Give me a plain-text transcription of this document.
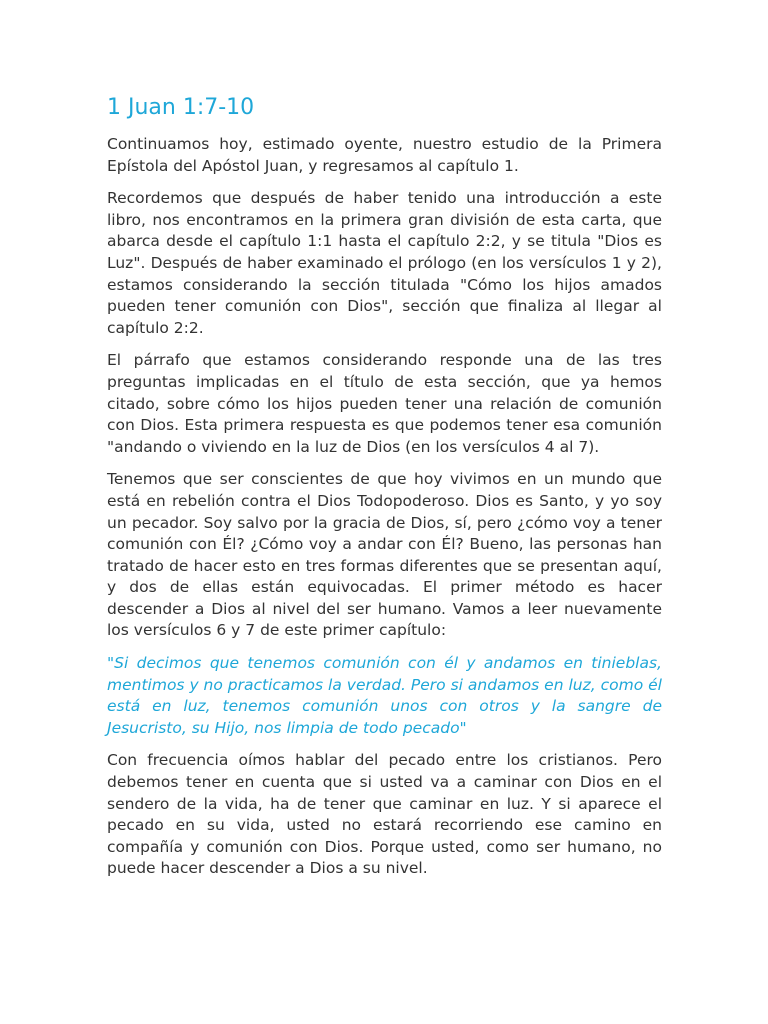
1 Juan 1:7-10

Continuamos hoy, estimado oyente, nuestro estudio de la Primera Epístola del Apóstol Juan, y regresamos al capítulo 1.

Recordemos que después de haber tenido una introducción a este libro, nos encontramos en la primera gran división de esta carta, que abarca desde el capítulo 1:1 hasta el capítulo 2:2, y se titula "Dios es Luz". Después de haber examinado el prólogo (en los versículos 1 y 2), estamos considerando la sección titulada "Cómo los hijos amados pueden tener comunión con Dios", sección que finaliza al llegar al capítulo 2:2.

El párrafo que estamos considerando responde una de las tres preguntas implicadas en el título de esta sección, que ya hemos citado, sobre cómo los hijos pueden tener una relación de comunión con Dios. Esta primera respuesta es que podemos tener esa comunión "andando o viviendo en la luz de Dios (en los versículos 4 al 7).

Tenemos que ser conscientes de que hoy vivimos en un mundo que está en rebelión contra el Dios Todopoderoso. Dios es Santo, y yo soy un pecador. Soy salvo por la gracia de Dios, sí, pero ¿cómo voy a tener comunión con Él? ¿Cómo voy a andar con Él? Bueno, las personas han tratado de hacer esto en tres formas diferentes que se presentan aquí, y dos de ellas están equivocadas. El primer método es hacer descender a Dios al nivel del ser humano. Vamos a leer nuevamente los versículos 6 y 7 de este primer capítulo:

"Si decimos que tenemos comunión con él y andamos en tinieblas, mentimos y no practicamos la verdad. Pero si andamos en luz, como él está en luz, tenemos comunión unos con otros y la sangre de Jesucristo, su Hijo, nos limpia de todo pecado"

Con frecuencia oímos hablar del pecado entre los cristianos. Pero debemos tener en cuenta que si usted va a caminar con Dios en el sendero de la vida, ha de tener que caminar en luz. Y si aparece el pecado en su vida, usted no estará recorriendo ese camino en compañía y comunión con Dios. Porque usted, como ser humano, no puede hacer descender a Dios a su nivel.
